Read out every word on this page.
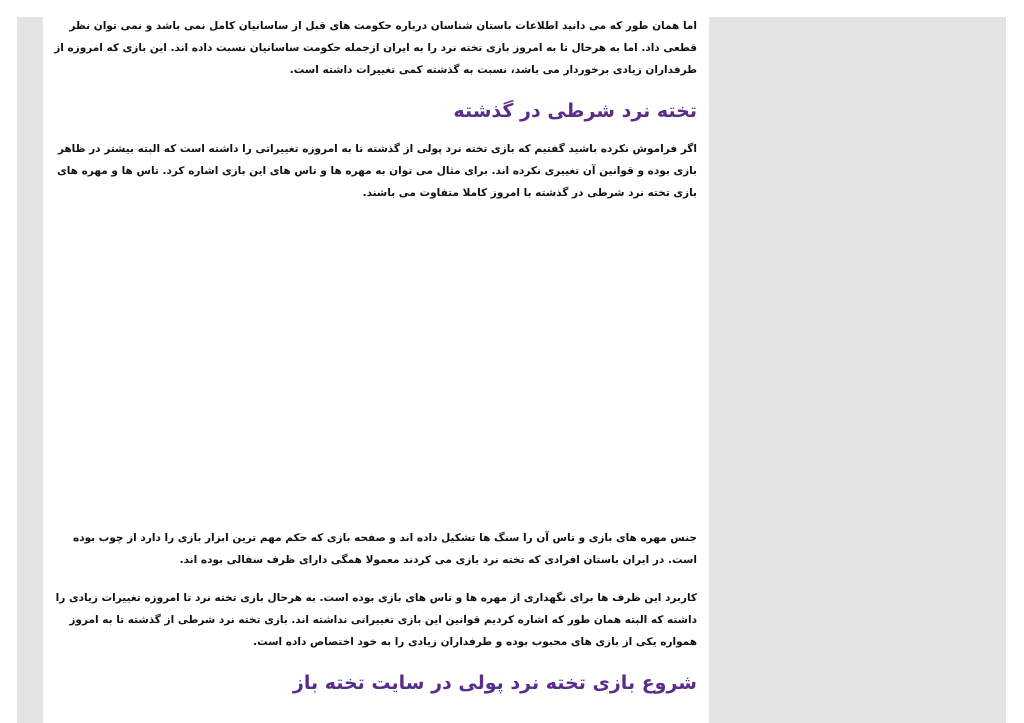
اما همان طور که می دانید اطلاعات باستان شناسان درباره حکومت های قبل از ساسانیان کامل نمی باشد و نمی توان نظر قطعی داد. اما به هرحال تا به امروز بازی تخته نرد را به ایران ازجمله حکومت ساسانیان نسبت داده اند. این بازی که امروزه از طرفداران زیادی برخوردار می باشد، نسبت به گذشته کمی تغییرات داشته است.

تخته نرد شرطی در گذشته

اگر فراموش نکرده باشید گفتیم که بازی تخته نرد پولی از گذشته تا به امروزه تغییراتی را داشته است که البته بیشتر در ظاهر بازی بوده و قوانین آن تغییری نکرده اند. برای مثال می توان به مهره ها و تاس های این بازی اشاره کرد. تاس ها و مهره های بازی تخته نرد شرطی در گذشته با امروز کاملا متفاوت می باشند.

جنس مهره های بازی و تاس آن را سنگ ها تشکیل داده اند و صفحه بازی که حکم مهم ترین ابزار بازی را دارد از چوب بوده است. در ایران باستان افرادی که تخته نرد بازی می کردند معمولا همگی دارای ظرف سفالی بوده اند.

کاربرد این ظرف ها برای نگهداری از مهره ها و تاس های بازی بوده است. به هرحال بازی تخته نرد تا امروزه تغییرات زیادی را داشته که البته همان طور که اشاره کردیم قوانین این بازی تغییراتی نداشته اند. بازی تخته نرد شرطی از گذشته تا به امروز همواره یکی از بازی های محبوب بوده و طرفداران زیادی را به خود اختصاص داده است.

شروع بازی تخته نرد پولی در سایت تخته باز
